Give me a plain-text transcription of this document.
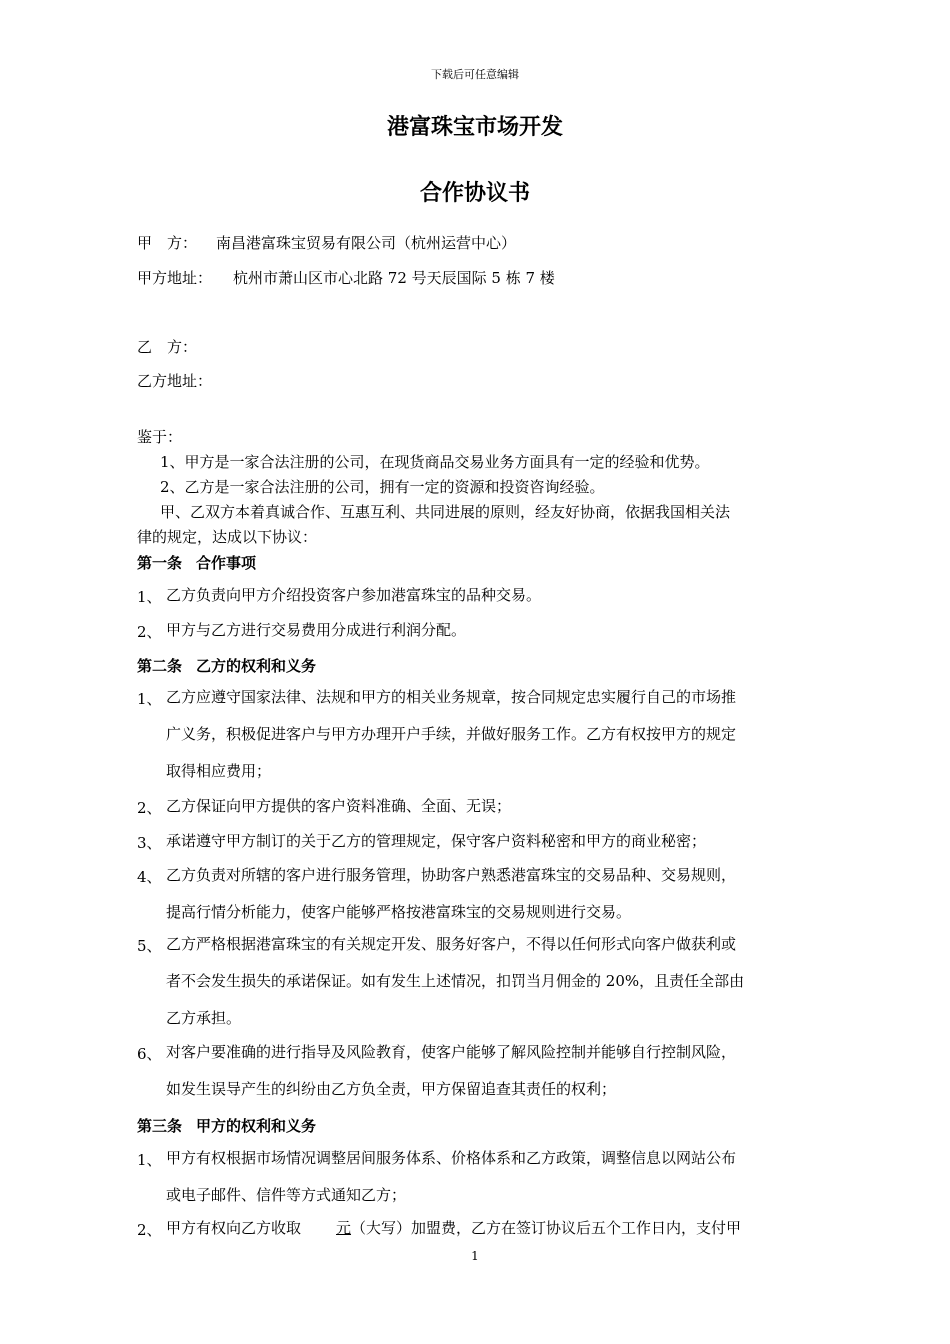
下载后可任意编辑
港富珠宝市场开发
合作协议书
甲　方： 南昌港富珠宝贸易有限公司（杭州运营中心）
甲方地址： 杭州市萧山区市心北路 72 号天辰国际 5 栋 7 楼
乙　方：
乙方地址：
鉴于：
1、甲方是一家合法注册的公司，在现货商品交易业务方面具有一定的经验和优势。
2、乙方是一家合法注册的公司，拥有一定的资源和投资咨询经验。
甲、乙双方本着真诚合作、互惠互利、共同进展的原则，经友好协商，依据我国相关法
律的规定，达成以下协议：
第一条 合作事项
1、 乙方负责向甲方介绍投资客户参加港富珠宝的品种交易。
2、 甲方与乙方进行交易费用分成进行利润分配。
第二条 乙方的权利和义务
1、 乙方应遵守国家法律、法规和甲方的相关业务规章，按合同规定忠实履行自己的市场推
广义务，积极促进客户与甲方办理开户手续，并做好服务工作。乙方有权按甲方的规定
取得相应费用；
2、 乙方保证向甲方提供的客户资料准确、全面、无误；
3、 承诺遵守甲方制订的关于乙方的管理规定，保守客户资料秘密和甲方的商业秘密；
4、 乙方负责对所辖的客户进行服务管理，协助客户熟悉港富珠宝的交易品种、交易规则，
提高行情分析能力，使客户能够严格按港富珠宝的交易规则进行交易。
5、 乙方严格根据港富珠宝的有关规定开发、服务好客户，不得以任何形式向客户做获利或
者不会发生损失的承诺保证。如有发生上述情况，扣罚当月佣金的 20%，且责任全部由
乙方承担。
6、 对客户要准确的进行指导及风险教育，使客户能够了解风险控制并能够自行控制风险，
如发生误导产生的纠纷由乙方负全责，甲方保留追查其责任的权利；
第三条 甲方的权利和义务
1、 甲方有权根据市场情况调整居间服务体系、价格体系和乙方政策，调整信息以网站公布
或电子邮件、信件等方式通知乙方；
2、 甲方有权向乙方收取 元（大写）加盟费，乙方在签订协议后五个工作日内，支付甲
1
